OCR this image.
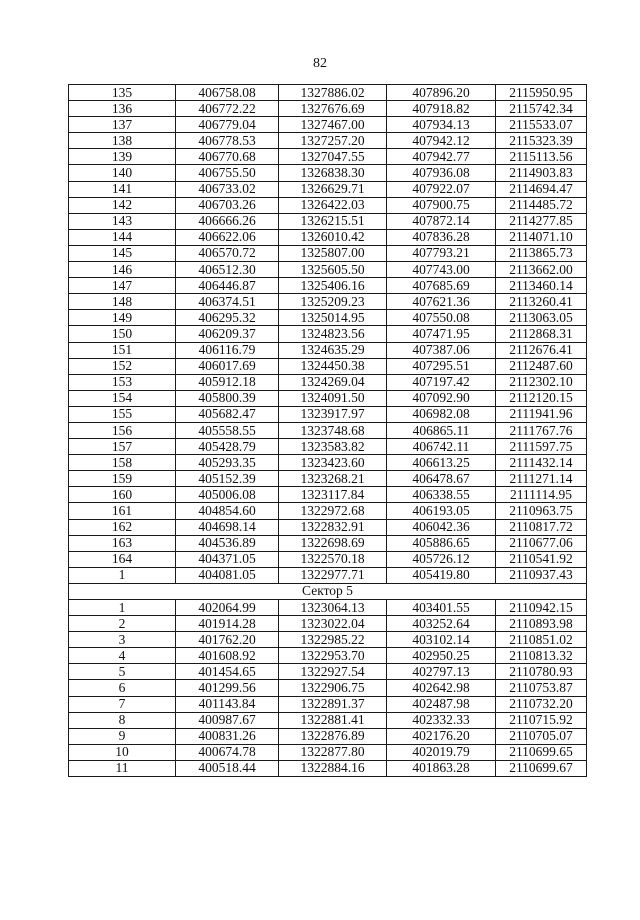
82
135	406758.08	1327886.02	407896.20	2115950.95
136	406772.22	1327676.69	407918.82	2115742.34
137	406779.04	1327467.00	407934.13	2115533.07
138	406778.53	1327257.20	407942.12	2115323.39
139	406770.68	1327047.55	407942.77	2115113.56
140	406755.50	1326838.30	407936.08	2114903.83
141	406733.02	1326629.71	407922.07	2114694.47
142	406703.26	1326422.03	407900.75	2114485.72
143	406666.26	1326215.51	407872.14	2114277.85
144	406622.06	1326010.42	407836.28	2114071.10
145	406570.72	1325807.00	407793.21	2113865.73
146	406512.30	1325605.50	407743.00	2113662.00
147	406446.87	1325406.16	407685.69	2113460.14
148	406374.51	1325209.23	407621.36	2113260.41
149	406295.32	1325014.95	407550.08	2113063.05
150	406209.37	1324823.56	407471.95	2112868.31
151	406116.79	1324635.29	407387.06	2112676.41
152	406017.69	1324450.38	407295.51	2112487.60
153	405912.18	1324269.04	407197.42	2112302.10
154	405800.39	1324091.50	407092.90	2112120.15
155	405682.47	1323917.97	406982.08	2111941.96
156	405558.55	1323748.68	406865.11	2111767.76
157	405428.79	1323583.82	406742.11	2111597.75
158	405293.35	1323423.60	406613.25	2111432.14
159	405152.39	1323268.21	406478.67	2111271.14
160	405006.08	1323117.84	406338.55	2111114.95
161	404854.60	1322972.68	406193.05	2110963.75
162	404698.14	1322832.91	406042.36	2110817.72
163	404536.89	1322698.69	405886.65	2110677.06
164	404371.05	1322570.18	405726.12	2110541.92
1	404081.05	1322977.71	405419.80	2110937.43
Сектор 5				
1	402064.99	1323064.13	403401.55	2110942.15
2	401914.28	1323022.04	403252.64	2110893.98
3	401762.20	1322985.22	403102.14	2110851.02
4	401608.92	1322953.70	402950.25	2110813.32
5	401454.65	1322927.54	402797.13	2110780.93
6	401299.56	1322906.75	402642.98	2110753.87
7	401143.84	1322891.37	402487.98	2110732.20
8	400987.67	1322881.41	402332.33	2110715.92
9	400831.26	1322876.89	402176.20	2110705.07
10	400674.78	1322877.80	402019.79	2110699.65
11	400518.44	1322884.16	401863.28	2110699.67
